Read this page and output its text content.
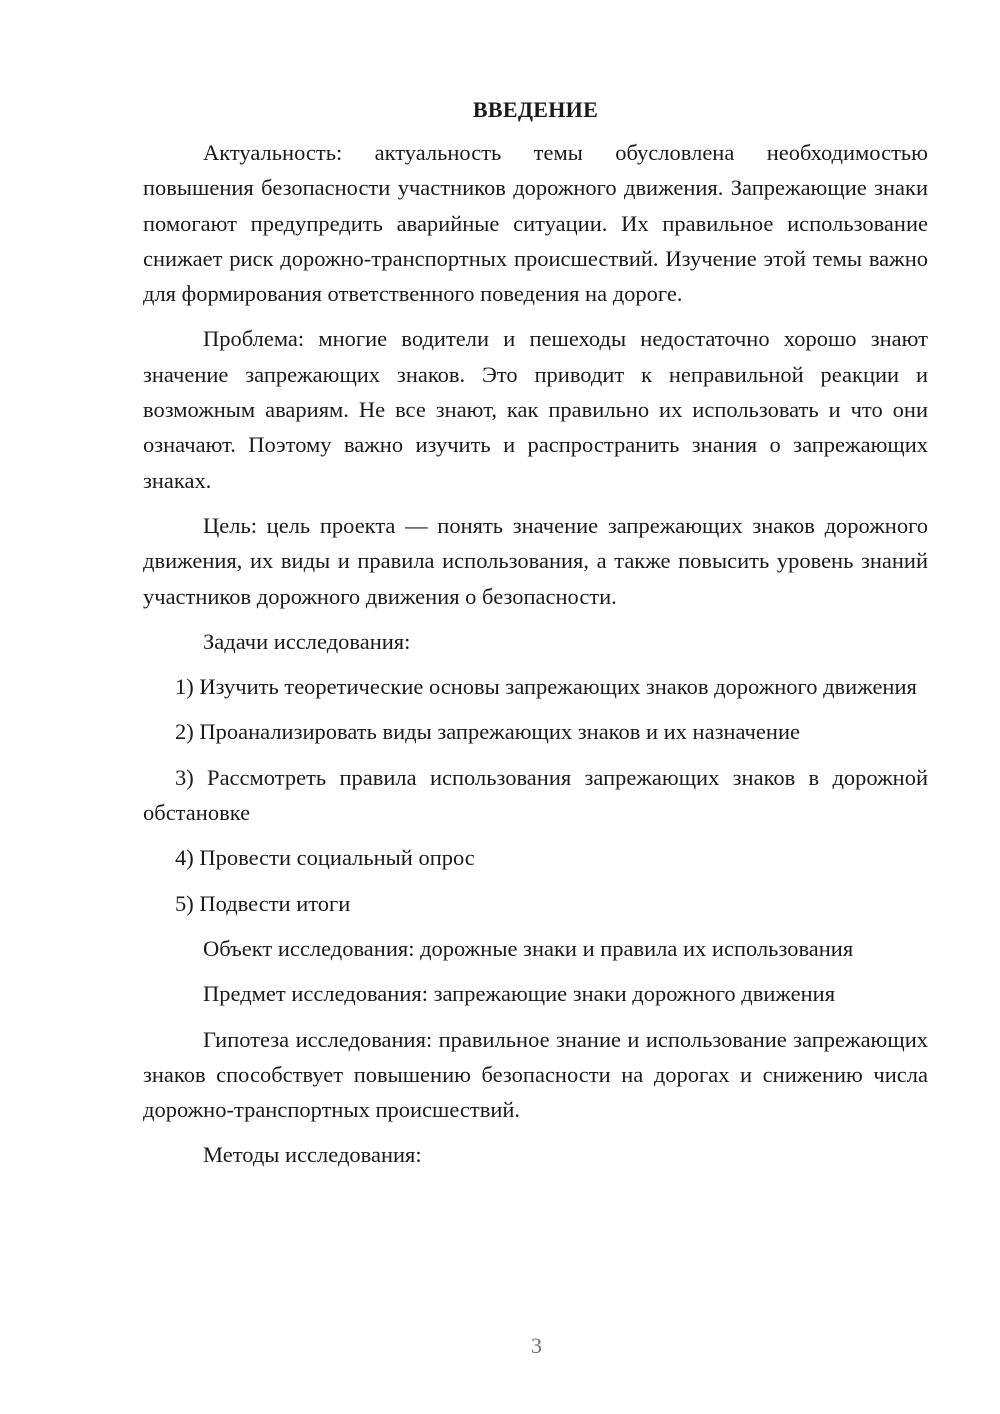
ВВЕДЕНИЕ
Актуальность: актуальность темы обусловлена необходимостью повышения безопасности участников дорожного движения. Запрежающие знаки помогают предупредить аварийные ситуации. Их правильное использование снижает риск дорожно-транспортных происшествий. Изучение этой темы важно для формирования ответственного поведения на дороге.
Проблема: многие водители и пешеходы недостаточно хорошо знают значение запрежающих знаков. Это приводит к неправильной реакции и возможным авариям. Не все знают, как правильно их использовать и что они означают. Поэтому важно изучить и распространить знания о запрежающих знаках.
Цель: цель проекта — понять значение запрежающих знаков дорожного движения, их виды и правила использования, а также повысить уровень знаний участников дорожного движения о безопасности.
Задачи исследования:
1) Изучить теоретические основы запрежающих знаков дорожного движения
2) Проанализировать виды запрежающих знаков и их назначение
3) Рассмотреть правила использования запрежающих знаков в дорожной обстановке
4) Провести социальный опрос
5) Подвести итоги
Объект исследования: дорожные знаки и правила их использования
Предмет исследования: запрежающие знаки дорожного движения
Гипотеза исследования: правильное знание и использование запрежающих знаков способствует повышению безопасности на дорогах и снижению числа дорожно-транспортных происшествий.
Методы исследования:
3
